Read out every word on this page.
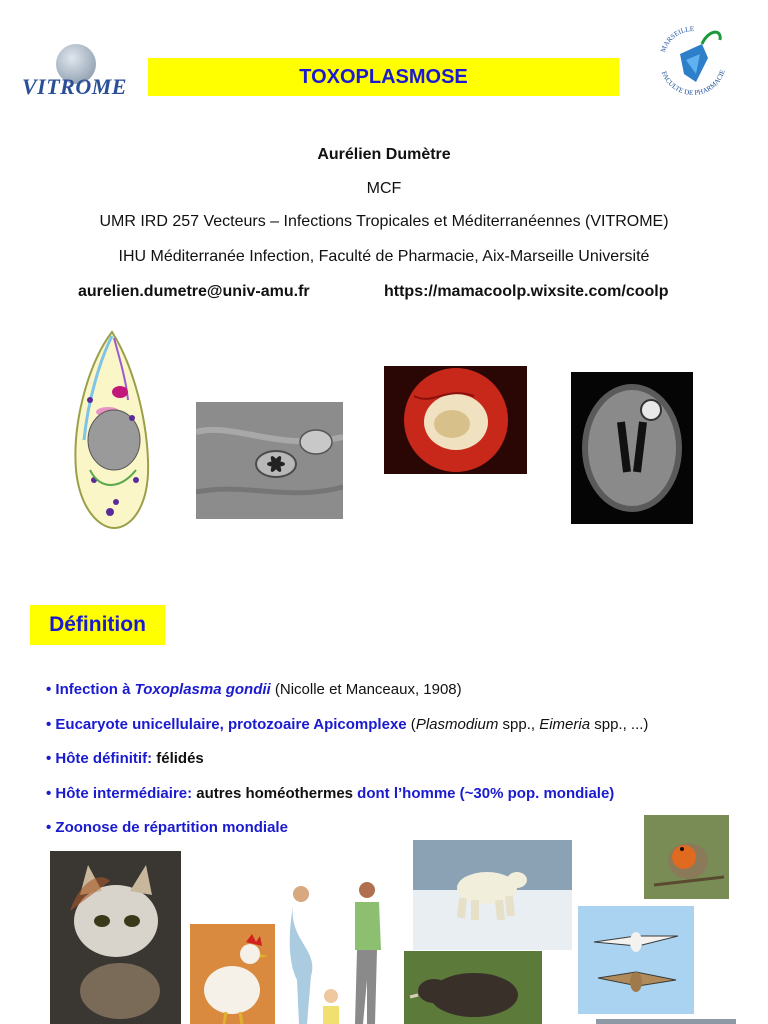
VITROME	TOXOPLASMOSE
MARSEILLE
FACULTE DE PHARMACIE
Aurélien Dumètre
MCF
UMR IRD 257 Vecteurs – Infections Tropicales et Méditerranéennes (VITROME)
IHU Méditerranée Infection, Faculté de Pharmacie, Aix-Marseille Université
aurelien.dumetre@univ-amu.fr	https://mamacoolp.wixsite.com/coolp
Définition
• Infection à Toxoplasma gondii (Nicolle et Manceaux, 1908)
• Eucaryote unicellulaire, protozoaire Apicomplexe (Plasmodium spp., Eimeria spp., ...)
• Hôte définitif: félidés
• Hôte intermédiaire: autres homéothermes dont l’homme (~30% pop. mondiale)
• Zoonose de répartition mondiale
